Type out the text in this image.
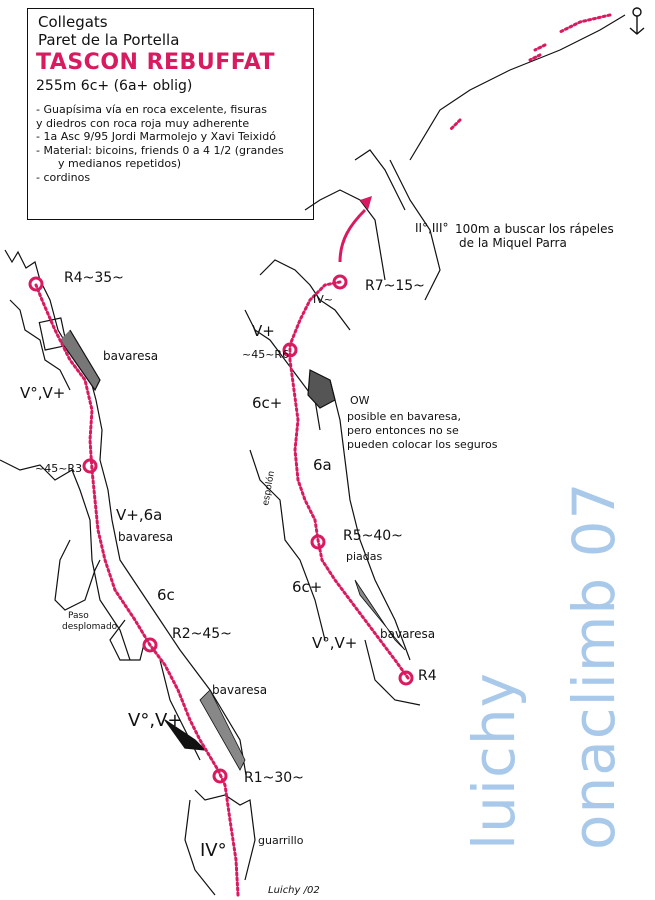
Collegats
Paret de la Portella
TASCON REBUFFAT
255m 6c+ (6a+ oblig)
- Guapísima vía en roca excelente, fisuras
y diedros con roca roja muy adherente
- 1a Asc 9/95 Jordi Marmolejo y Xavi Teixidó
- Material: bicoins, friends 0 a 4 1/2 (grandes
y medianos repetidos)
- cordinos
R4~35~
bavaresa
V°,V+
~45~R3
V+,6a
bavaresa
6c
Paso
desplomado	R2~45~
bavaresa
V°,V+
R1~30~
IV°	guarrillo
Luichy /02
100m a buscar los rápeles
de la Miquel Parra
II°,III°
R7~15~
IV~
V+
~45~R6
OW
6c+
posible en bavaresa,
pero entonces no se
pueden colocar los seguros
6a
espolón
R5~40~
piadas
6c+
V°,V+ bavaresa
R4 luichy onaclimb 07
